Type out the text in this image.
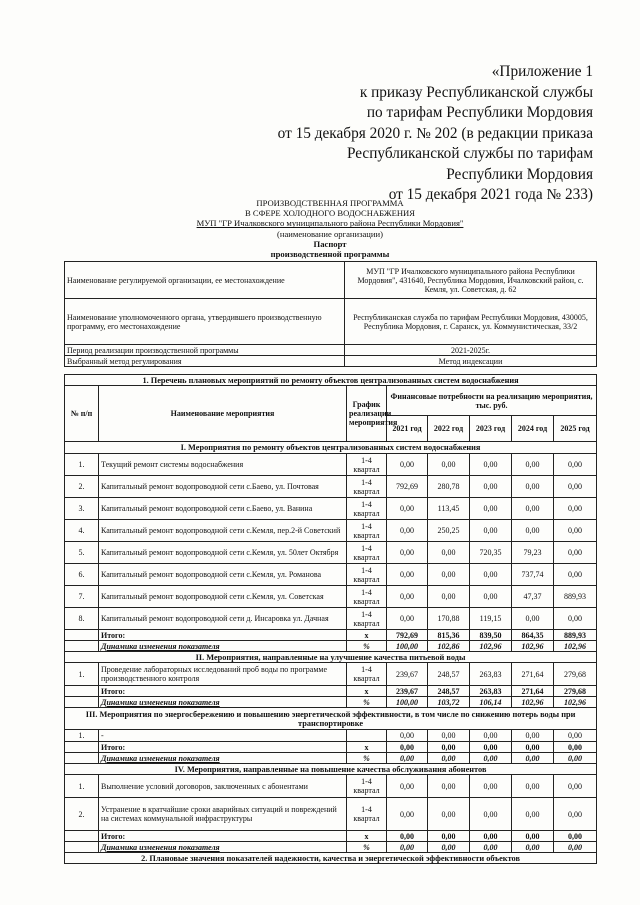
«Приложение 1
к приказу Республиканской службы
по тарифам Республики Мордовия
от 15 декабря 2020 г. № 202 (в редакции приказа
Республиканской службы по тарифам
Республики Мордовия
от 15 декабря 2021 года № 233)
ПРОИЗВОДСТВЕННАЯ ПРОГРАММА
В СФЕРЕ ХОЛОДНОГО ВОДОСНАБЖЕНИЯ
МУП "ГР Ичалковского муниципального района Республики Мордовия"
(наименование организации)
Паспорт
производственной программы
Наименование регулируемой организации, ее местонахождение	МУП "ГР Ичалковского муниципального района Республики Мордовия", 431640, Республика Мордовия, Ичалковский район, с. Кемля, ул. Советская, д. 62
Наименование уполномоченного органа, утвердившего производственную программу, его местонахождение	Республиканская служба по тарифам Республики Мордовия, 430005, Республика Мордовия, г. Саранск, ул. Коммунистическая, 33/2
Период реализации производственной программы	2021-2025г.
Выбранный метод регулирования	Метод индексации
1. Перечень плановых мероприятий по ремонту объектов централизованных систем водоснабжения							
№ п/п	Наименование мероприятия	График реализации мероприятия	Финансовые потребности на реализацию мероприятия, тыс. руб.				
			2021 год	2022 год	2023 год	2024 год	2025 год
I. Мероприятия по ремонту объектов централизованных систем водоснабжения							
1.	Текущий ремонт системы водоснабжения	1-4 квартал	0,00	0,00	0,00	0,00	0,00
2.	Капитальный ремонт водопроводной сети с.Баево, ул. Почтовая	1-4 квартал	792,69	280,78	0,00	0,00	0,00
3.	Капитальный ремонт водопроводной сети с.Баево, ул. Ванина	1-4 квартал	0,00	113,45	0,00	0,00	0,00
4.	Капитальный ремонт водопроводной сети с.Кемля, пер.2-й Советский	1-4 квартал	0,00	250,25	0,00	0,00	0,00
5.	Капитальный ремонт водопроводной сети с.Кемля, ул. 50лет Октября	1-4 квартал	0,00	0,00	720,35	79,23	0,00
6.	Капитальный ремонт водопроводной сети с.Кемля, ул. Романова	1-4 квартал	0,00	0,00	0,00	737,74	0,00
7.	Капитальный ремонт водопроводной сети с.Кемля, ул. Советская	1-4 квартал	0,00	0,00	0,00	47,37	889,93
8.	Капитальный ремонт водопроводной сети д. Инсаровка ул. Дачная	1-4 квартал	0,00	170,88	119,15	0,00	0,00
	Итого:	х	792,69	815,36	839,50	864,35	889,93
	Динамика изменения показателя	%	100,00	102,86	102,96	102,96	102,96
II. Мероприятия, направленные на улучшение качества питьевой воды							
1.	Проведение лабораторных исследований проб воды по программе производственного контроля	1-4 квартал	239,67	248,57	263,83	271,64	279,68
	Итого:	х	239,67	248,57	263,83	271,64	279,68
	Динамика изменения показателя	%	100,00	103,72	106,14	102,96	102,96
III. Мероприятия по энергосбережению и повышению энергетической эффективности, в том числе по снижению потерь воды при транспортировке							
1.	-		0,00	0,00	0,00	0,00	0,00
	Итого:	х	0,00	0,00	0,00	0,00	0,00
	Динамика изменения показателя	%	0,00	0,00	0,00	0,00	0,00
IV. Мероприятия, направленные на повышение качества обслуживания абонентов							
1.	Выполнение условий договоров, заключенных с абонентами	1-4 квартал	0,00	0,00	0,00	0,00	0,00
2.	Устранение в кратчайшие сроки аварийных ситуаций и повреждений на системах коммунальной инфраструктуры	1-4 квартал	0,00	0,00	0,00	0,00	0,00
	Итого:	х	0,00	0,00	0,00	0,00	0,00
	Динамика изменения показателя	%	0,00	0,00	0,00	0,00	0,00
2. Плановые значения показателей надежности, качества и энергетической эффективности объектов							
